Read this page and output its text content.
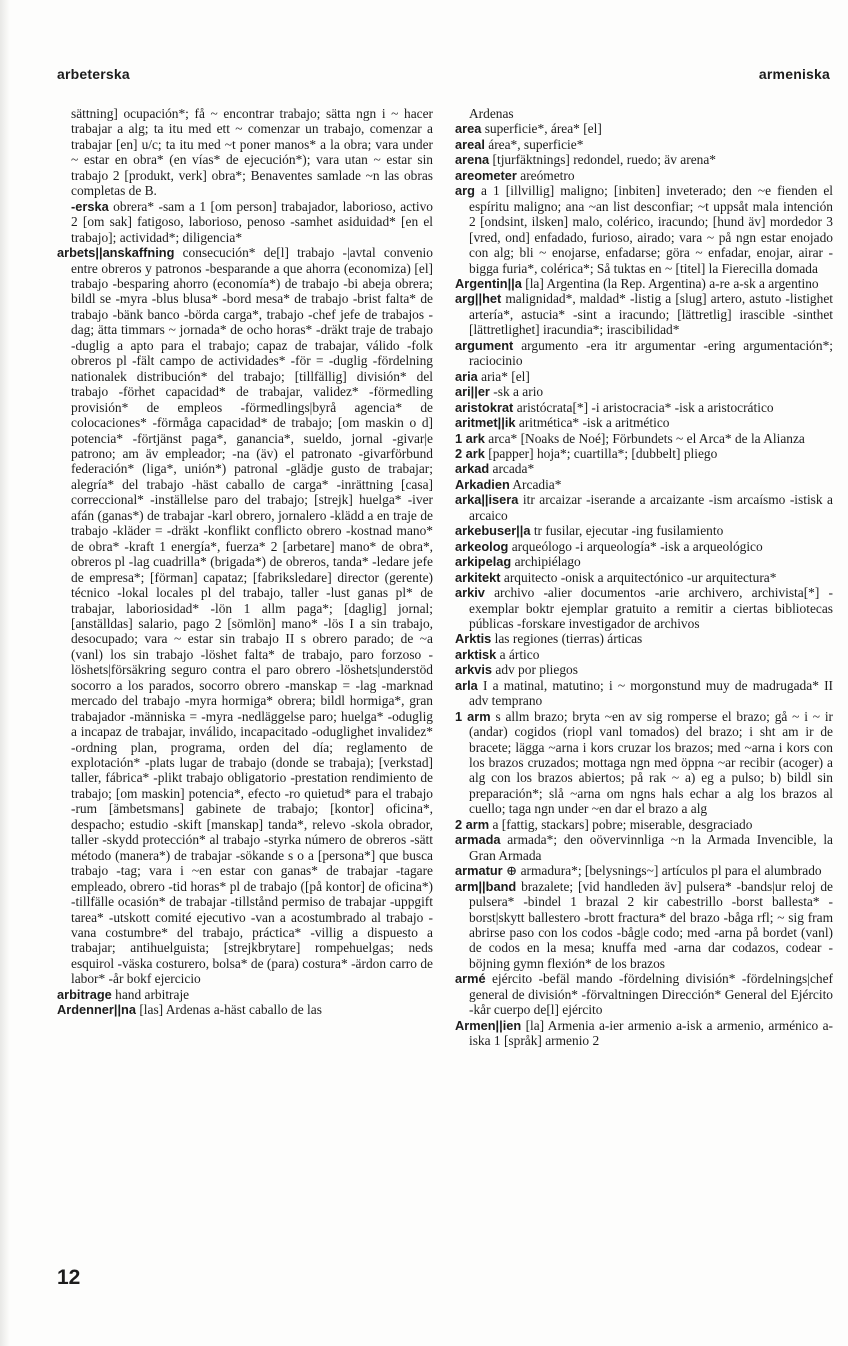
arbeterska	armeniska

sättning] ocupación*; få ~ encontrar trabajo; sätta ngn i ~ hacer trabajar a alg; ta itu med ett ~ comenzar un trabajo, comenzar a trabajar [en] u/c; ta itu med ~t poner manos* a la obra; vara under ~ estar en obra* (en vías* de ejecución*); vara utan ~ estar sin trabajo 2 [produkt, verk] obra*; Benaventes samlade ~n las obras completas de B.

-erska obrera* -sam a 1 [om person] trabajador, laborioso, activo 2 [om sak] fatigoso, laborioso, penoso -samhet asiduidad* [en el trabajo]; actividad*; diligencia*

arbets||anskaffning consecución* de[l] trabajo -|avtal convenio entre obreros y patronos -besparande a que ahorra (economiza) [el] trabajo -besparing ahorro (economía*) de trabajo -bi abeja obrera; bildl se -myra -blus blusa* -bord mesa* de trabajo -brist falta* de trabajo -bänk banco -börda carga*, trabajo -chef jefe de trabajos -dag; ätta timmars ~ jornada* de ocho horas* -dräkt traje de trabajo -duglig a apto para el trabajo; capaz de trabajar, válido -folk obreros pl -fält campo de actividades* -för = -duglig -fördelning nationalek distribución* del trabajo; [tillfällig] división* del trabajo -förhet capacidad* de trabajar, validez* -förmedling provisión* de empleos -förmedlings|byrå agencia* de colocaciones* -förmåga capacidad* de trabajo; [om maskin o d] potencia* -förtjänst paga*, ganancia*, sueldo, jornal -givar|e patrono; am äv empleador; -na (äv) el patronato -givarförbund federación* (liga*, unión*) patronal -glädje gusto de trabajar; alegría* del trabajo -häst caballo de carga* -inrättning [casa] correccional* -inställelse paro del trabajo; [strejk] huelga* -iver afán (ganas*) de trabajar -karl obrero, jornalero -klädd a en traje de trabajo -kläder = -dräkt -konflikt conflicto obrero -kostnad mano* de obra* -kraft 1 energía*, fuerza* 2 [arbetare] mano* de obra*, obreros pl -lag cuadrilla* (brigada*) de obreros, tanda* -ledare jefe de empresa*; [förman] capataz; [fabriksledare] director (gerente) técnico -lokal locales pl del trabajo, taller -lust ganas pl* de trabajar, laboriosidad* -lön 1 allm paga*; [daglig] jornal; [anställdas] salario, pago 2 [sömlön] mano* -lös I a sin trabajo, desocupado; vara ~ estar sin trabajo II s obrero parado; de ~a (vanl) los sin trabajo -löshet falta* de trabajo, paro forzoso -löshets|försäkring seguro contra el paro obrero -löshets|understöd socorro a los parados, socorro obrero -manskap = -lag -marknad mercado del trabajo -myra hormiga* obrera; bildl hormiga*, gran trabajador -människa = -myra -nedläggelse paro; huelga* -oduglig a incapaz de trabajar, inválido, incapacitado -oduglighet invalidez* -ordning plan, programa, orden del día; reglamento de explotación* -plats lugar de trabajo (donde se trabaja); [verkstad] taller, fábrica* -plikt trabajo obligatorio -prestation rendimiento de trabajo; [om maskin] potencia*, efecto -ro quietud* para el trabajo -rum [ämbetsmans] gabinete de trabajo; [kontor] oficina*, despacho; estudio -skift [manskap] tanda*, relevo -skola obrador, taller -skydd protección* al trabajo -styrka número de obreros -sätt método (manera*) de trabajar -sökande s o a [persona*] que busca trabajo -tag; vara i ~en estar con ganas* de trabajar -tagare empleado, obrero -tid horas* pl de trabajo ([på kontor] de oficina*) -tillfälle ocasión* de trabajar -tillstånd permiso de trabajar -uppgift tarea* -utskott comité ejecutivo -van a acostumbrado al trabajo -vana costumbre* del trabajo, práctica* -villig a dispuesto a trabajar; antihuelguista; [strejkbrytare] rompehuelgas; neds esquirol -väska costurero, bolsa* de (para) costura* -ärdon carro de labor* -år bokf ejercicio

arbitrage hand arbitraje

Ardenner||na [las] Ardenas a-häst caballo de las

Ardenas

area superficie*, área* [el]

areal área*, superficie*

arena [tjurfäktnings] redondel, ruedo; äv arena*

areometer areómetro

arg a 1 [illvillig] maligno; [inbiten] inveterado; den ~e fienden el espíritu maligno; ana ~an list desconfiar; ~t uppsåt mala intención 2 [ondsint, ilsken] malo, colérico, iracundo; [hund äv] mordedor 3 [vred, ond] enfadado, furioso, airado; vara ~ på ngn estar enojado con alg; bli ~ enojarse, enfadarse; göra ~ enfadar, enojar, airar -bigga furia*, colérica*; Så tuktas en ~ [titel] la Fierecilla domada

Argentin||a [la] Argentina (la Rep. Argentina) a-re a-sk a argentino

arg||het malignidad*, maldad* -listig a [slug] artero, astuto -listighet artería*, astucia* -sint a iracundo; [lättretlig] irascible -sinthet [lättretlighet] iracundia*; irascibilidad*

argument argumento -era itr argumentar -ering argumentación*; raciocinio

aria aria* [el]

ari||er -sk a ario

aristokrat aristócrata[*] -i aristocracia* -isk a aristocrático

aritmet||ik aritmética* -isk a aritmético

1 ark arca* [Noaks de Noé]; Förbundets ~ el Arca* de la Alianza

2 ark [papper] hoja*; cuartilla*; [dubbelt] pliego

arkad arcada*

Arkadien Arcadia*

arka||isera itr arcaizar -iserande a arcaizante -ism arcaísmo -istisk a arcaico

arkebuser||a tr fusilar, ejecutar -ing fusilamiento

arkeolog arqueólogo -i arqueología* -isk a arqueológico

arkipelag archipiélago

arkitekt arquitecto -onisk a arquitectónico -ur arquitectura*

arkiv archivo -alier documentos -arie archivero, archivista[*] -exemplar boktr ejemplar gratuito a remitir a ciertas bibliotecas públicas -forskare investigador de archivos

Arktis las regiones (tierras) árticas

arktisk a ártico

arkvis adv por pliegos

arla I a matinal, matutino; i ~ morgonstund muy de madrugada* II adv temprano

1 arm s allm brazo; bryta ~en av sig romperse el brazo; gå ~ i ~ ir (andar) cogidos (riopl vanl tomados) del brazo; i sht am ir de bracete; lägga ~arna i kors cruzar los brazos; med ~arna i kors con los brazos cruzados; mottaga ngn med öppna ~ar recibir (acoger) a alg con los brazos abiertos; på rak ~ a) eg a pulso; b) bildl sin preparación*; slå ~arna om ngns hals echar a alg los brazos al cuello; taga ngn under ~en dar el brazo a alg

2 arm a [fattig, stackars] pobre; miserable, desgraciado

armada armada*; den oövervinnliga ~n la Armada Invencible, la Gran Armada

armatur ⊕ armadura*; [belysnings~] artículos pl para el alumbrado

arm||band brazalete; [vid handleden äv] pulsera* -bands|ur reloj de pulsera* -bindel 1 brazal 2 kir cabestrillo -borst ballesta* -borst|skytt ballestero -brott fractura* del brazo -båga rfl; ~ sig fram abrirse paso con los codos -båg|e codo; med -arna på bordet (vanl) de codos en la mesa; knuffa med -arna dar codazos, codear -böjning gymn flexión* de los brazos

armé ejército -befäl mando -fördelning división* -fördelnings|chef general de división* -förvaltningen Dirección* General del Ejército -kår cuerpo de[l] ejército

Armen||ien [la] Armenia a-ier armenio a-isk a armenio, arménico a-iska 1 [språk] armenio 2

12
